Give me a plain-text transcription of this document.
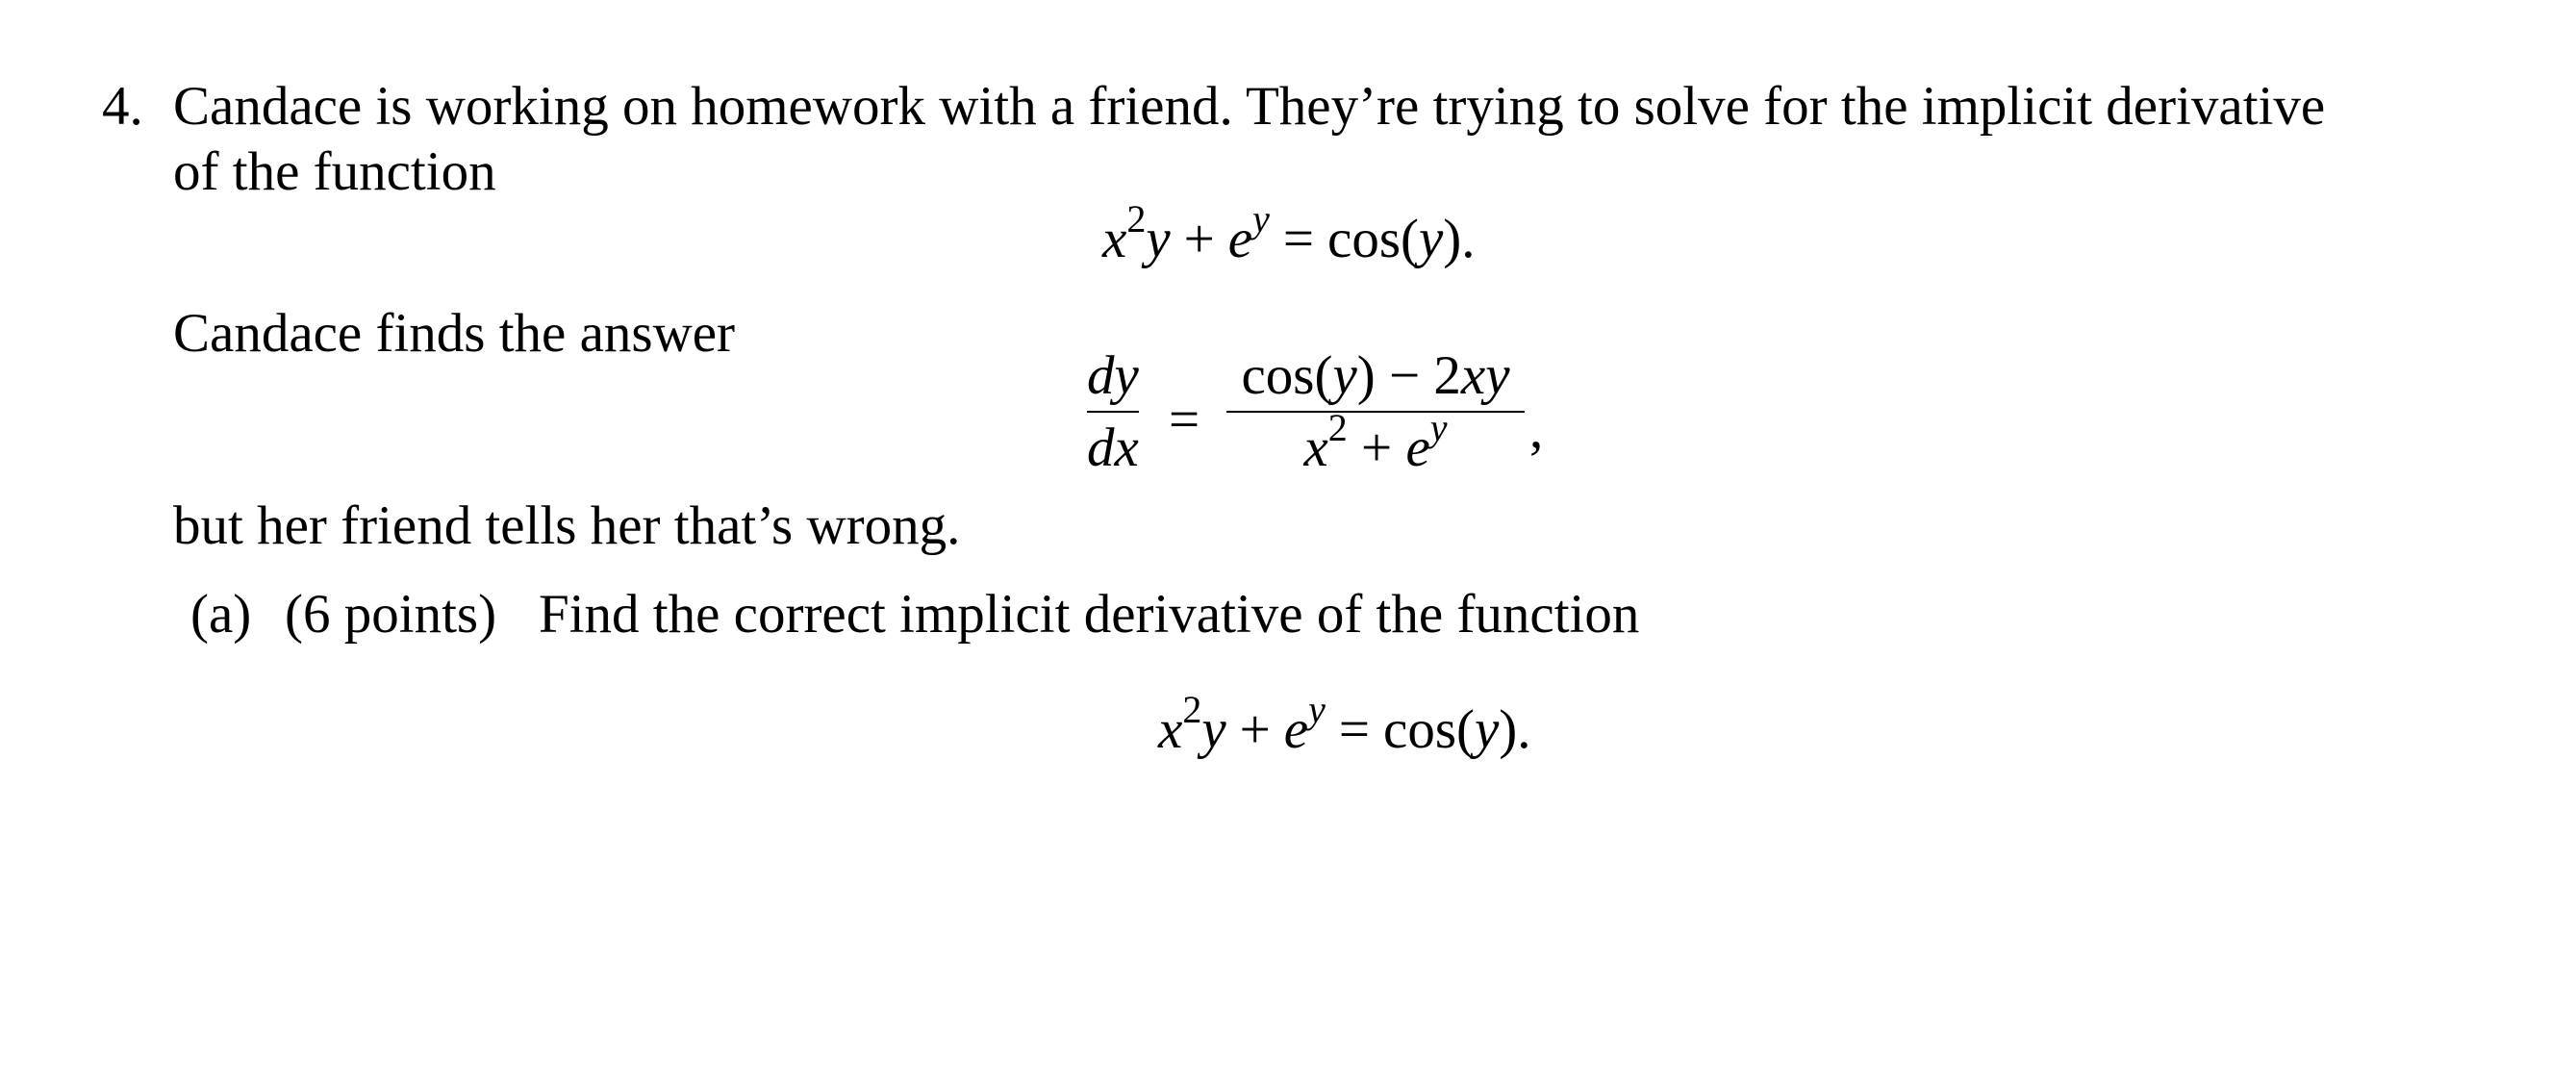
4. Candace is working on homework with a friend. They’re trying to solve for the implicit derivative
of the function
$x^2y + e^y = \cos(y)$.
Candace finds the answer
dy
dx =
cos(y) − 2xy
$x^2 + e^y$	,
but her friend tells her that’s wrong.
(a) (6 points) Find the correct implicit derivative of the function
$x^2y + e^y = \cos(y)$.
